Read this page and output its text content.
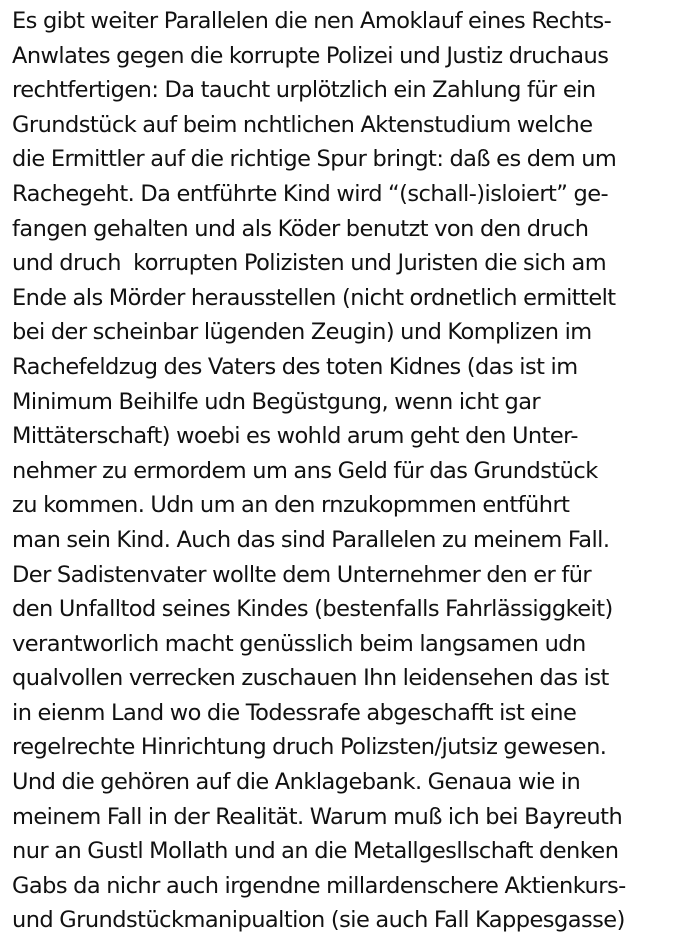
Es gibt weiter Parallelen die nen Amoklauf eines Rechts-
Anwlates gegen die korrupte Polizei und Justiz druchaus
rechtfertigen: Da taucht urplötzlich ein Zahlung für ein
Grundstück auf beim nchtlichen Aktenstudium welche
die Ermittler auf die richtige Spur bringt: daß es dem um
Rachegeht. Da entführte Kind wird “(schall-)isloiert” ge-
fangen gehalten und als Köder benutzt von den druch
und druch  korrupten Polizisten und Juristen die sich am
Ende als Mörder herausstellen (nicht ordnetlich ermittelt
bei der scheinbar lügenden Zeugin) und Komplizen im
Rachefeldzug des Vaters des toten Kidnes (das ist im
Minimum Beihilfe udn Begüstgung, wenn icht gar
Mittäterschaft) woebi es wohld arum geht den Unter-
nehmer zu ermordem um ans Geld für das Grundstück
zu kommen. Udn um an den rnzukopmmen entführt
man sein Kind. Auch das sind Parallelen zu meinem Fall.
Der Sadistenvater wollte dem Unternehmer den er für
den Unfalltod seines Kindes (bestenfalls Fahrlässiggkeit)
verantworlich macht genüsslich beim langsamen udn
qualvollen verrecken zuschauen Ihn leidensehen das ist
in eienm Land wo die Todessrafe abgeschafft ist eine
regelrechte Hinrichtung druch Polizsten/jutsiz gewesen.
Und die gehören auf die Anklagebank. Genaua wie in
meinem Fall in der Realität. Warum muß ich bei Bayreuth
nur an Gustl Mollath und an die Metallgesllschaft denken
Gabs da nichr auch irgendne millardenschere Aktienkurs-
und Grundstückmanipualtion (sie auch Fall Kappesgasse)
